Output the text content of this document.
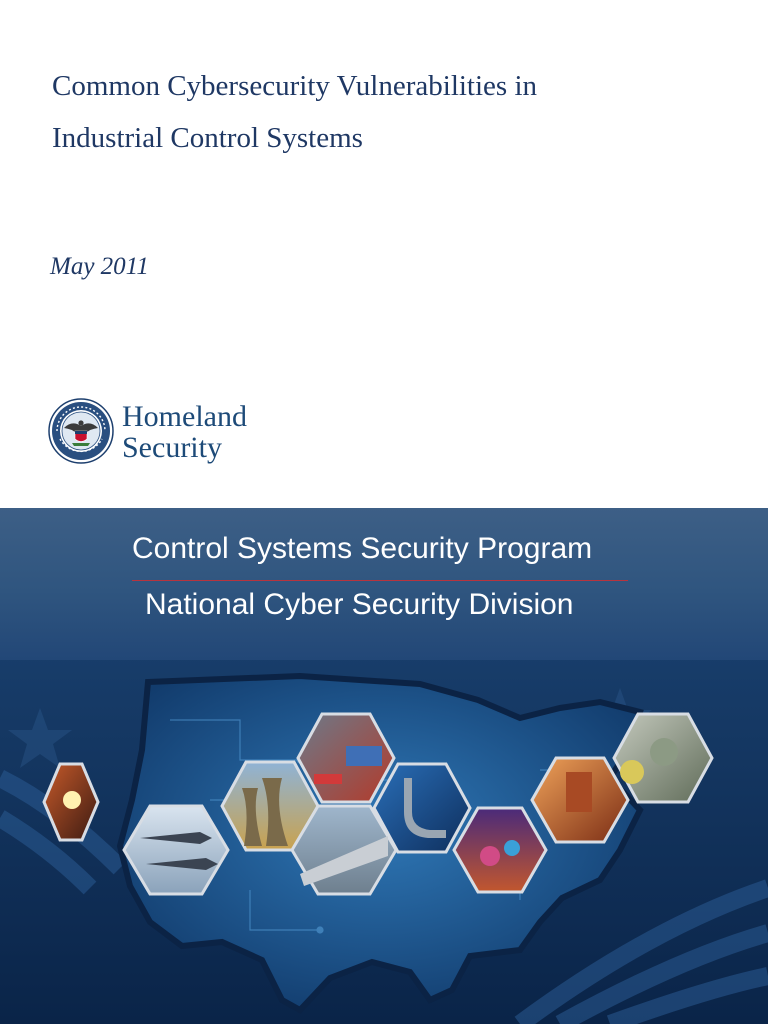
Common Cybersecurity Vulnerabilities in
Industrial Control Systems

May 2011

Homeland
Security
Control Systems Security Program
National Cyber Security Division
